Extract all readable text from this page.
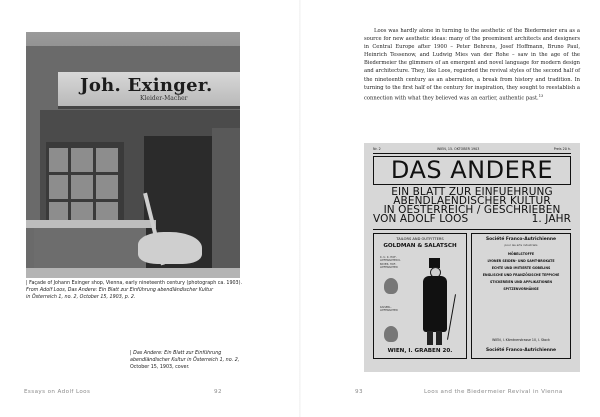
Joh. Exinger.
Kleider-Macher

| Façade of Johann Exinger shop, Vienna, early nineteenth century (photograph ca. 1903).

From Adolf Loos, Das Andere: Ein Blatt zur Einführung abendländischer Kultur

in Österreich 1, no. 2, October 15, 1903, p. 2.

| Das Andere: Ein Blatt zur Einführung

abendländischer Kultur in Österreich 1, no. 2,

October 15, 1903, cover.

Essays on Adolf Loos	92

Loos was hardly alone in turning to the aesthetic of the Biedermeier era as a source for new aesthetic ideas: many of the preeminent architects and designers in Central Europe after 1900 – Peter Behrens, Josef Hoffmann, Bruno Paul, Heinrich Tessenow, and Ludwig Mies van der Rohe – saw in the age of the Biedermeier the glimmers of an emergent and novel language for modern design and architecture. They, like Loos, regarded the revival styles of the second half of the nineteenth century as an aberration, a break from history and tradition. In turning to the first half of the century for inspiration, they sought to reestablish a connection with what they believed was an earlier, authentic past.$^{13}$

Nr. 2	WIEN, 15. OKTOBER 1903	Preis 20 h.
DAS ANDERE
EIN BLATT ZUR EINFUEHRUNG
ABENDLAENDISCHER KULTUR
IN OESTERREICH / GESCHRIEBEN
VON ADOLF LOOS	1. JAHR
TAILORS AND OUTFITTERS
GOLDMAN & SALATSCH
K. U. K. HOF-LIEFERANTEN K. BAYER. HOF-LIEFERANTEN
KAISERL. LIEFERANTEN
WIEN, I. GRABEN 20.
Société Franco-Autrichienne
pour les arts industriels
MÖBELSTOFFE
LYONER SEIDEN- UND SAMT-BROKATE
ECHTE UND IMITIERTE GOBELINS
ENGLISCHE UND FRANZÖSISCHE TEPPICHE
STICKEREIEN UND APPLIKATIONEN
SPITZENVORHÄNGE
WIEN, I. Kärntnerstrasse 10, I. Stock
Société Franco-Autrichienne
93	Loos and the Biedermeier Revival in Vienna
